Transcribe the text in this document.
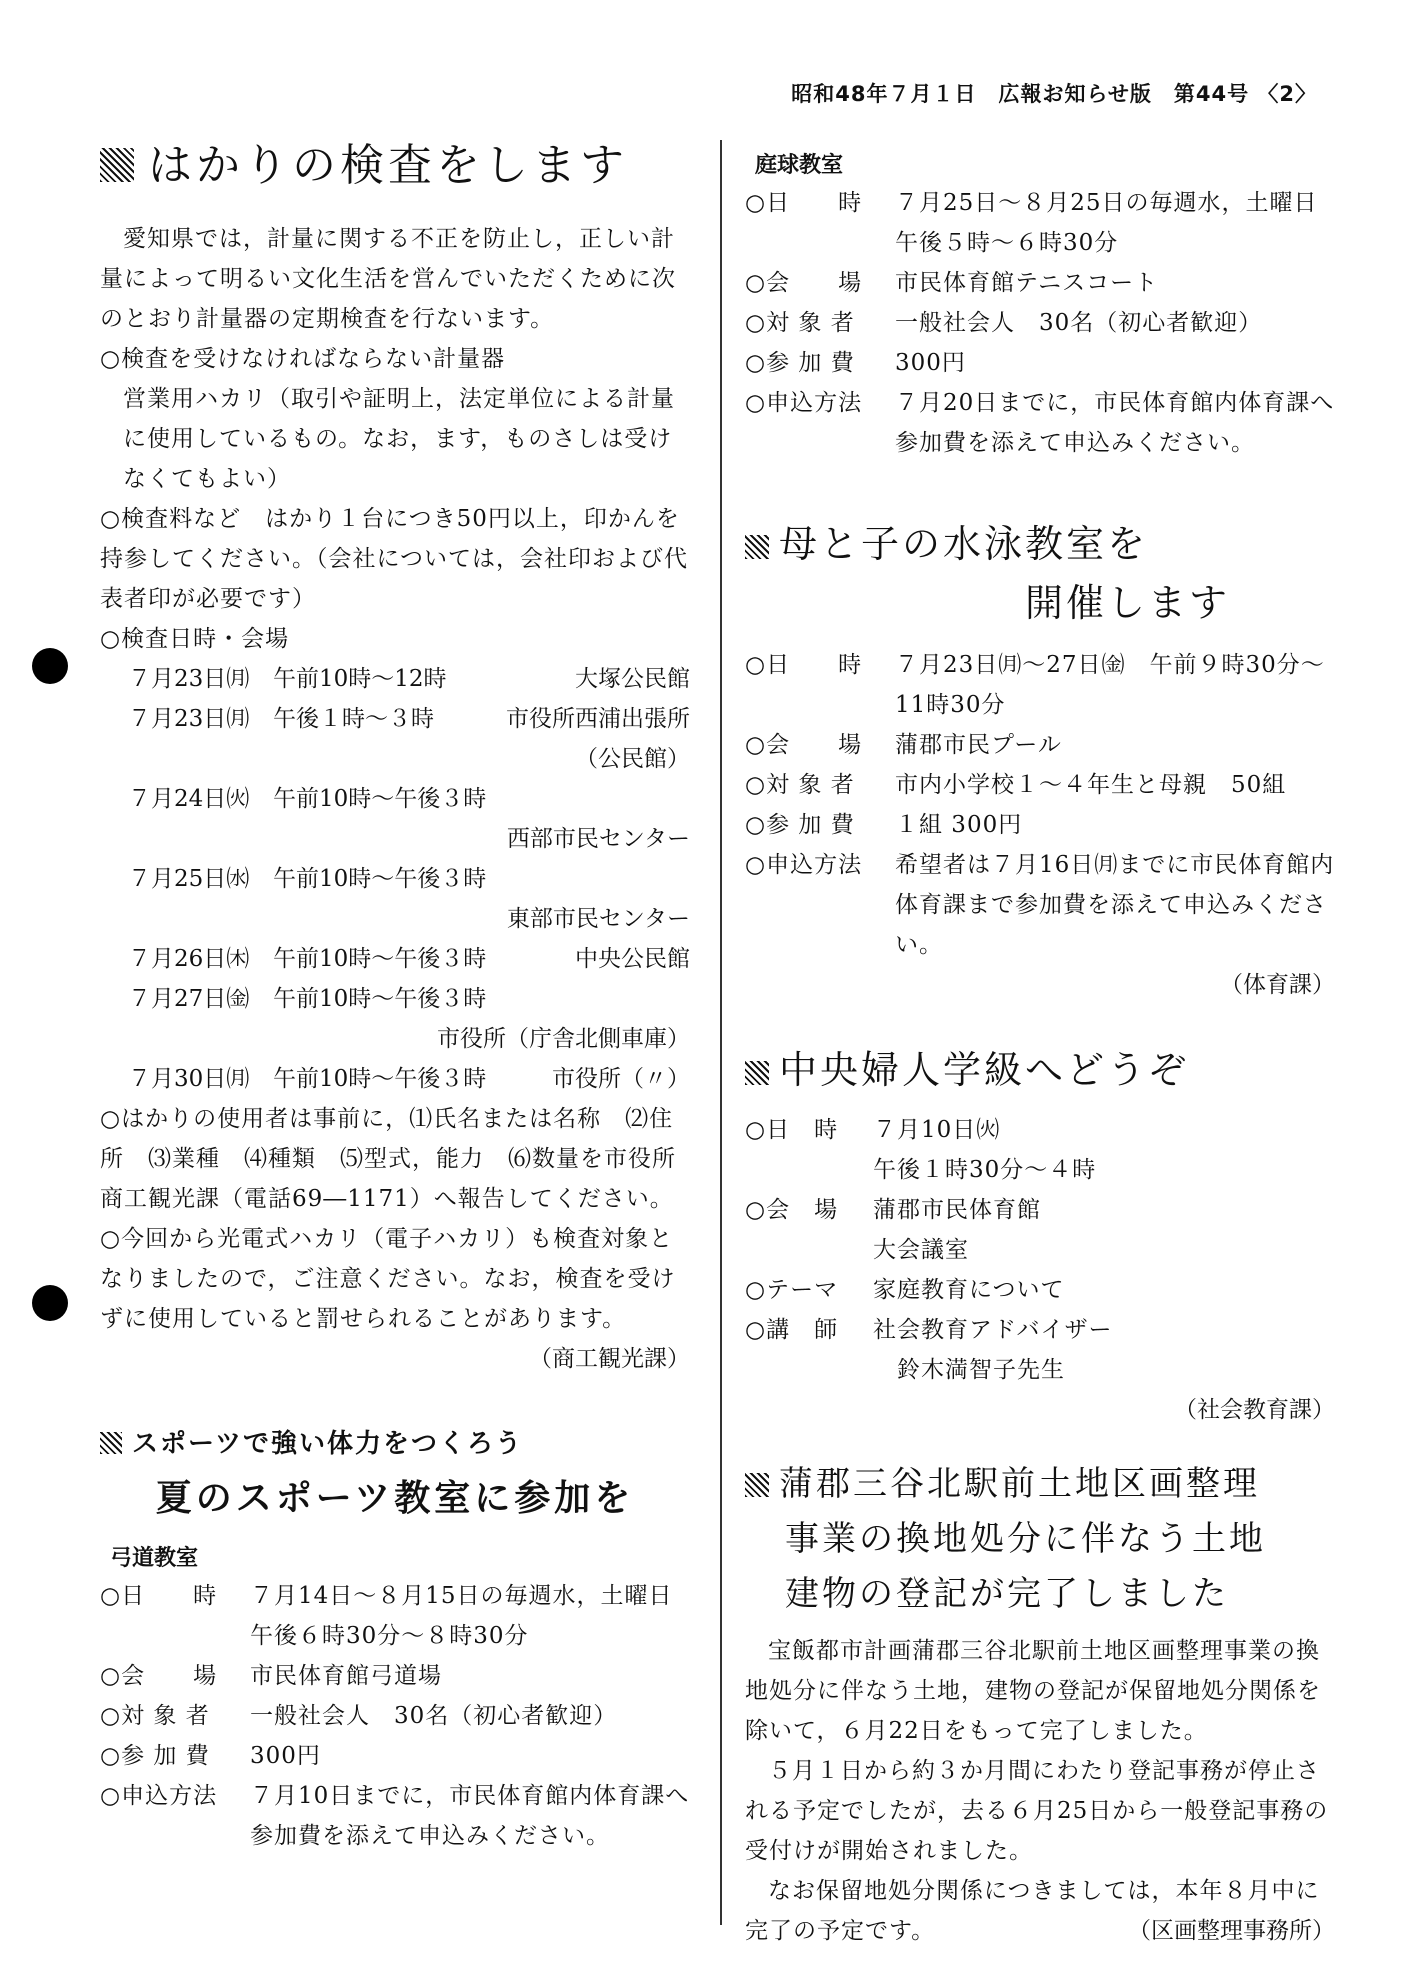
昭和48年７月１日　広報お知らせ版　第44号 〈2〉
はかりの検査をします

愛知県では，計量に関する不正を防止し，正しい計量によって明るい文化生活を営んでいただくために次のとおり計量器の定期検査を行ないます。

○検査を受けなければならない計量器

営業用ハカリ（取引や証明上，法定単位による計量に使用しているもの。なお，ます，ものさしは受けなくてもよい）

○検査料など　はかり１台につき50円以上，印かんを持参してください。（会社については，会社印および代表者印が必要です）

○検査日時・会場

７月23日㈪	午前10時～12時	大塚公民館
７月23日㈪	午後１時～３時	市役所西浦出張所
（公民館）
７月24日㈫	午前10時～午後３時
西部市民センター
７月25日㈬	午前10時～午後３時
東部市民センター
７月26日㈭	午前10時～午後３時	中央公民館
７月27日㈮	午前10時～午後３時
市役所（庁舎北側車庫）
７月30日㈪	午前10時～午後３時	市役所（〃）

○はかりの使用者は事前に，⑴氏名または名称　⑵住所　⑶業種　⑷種類　⑸型式，能力　⑹数量を市役所商工観光課（電話69―1171）へ報告してください。

○今回から光電式ハカリ（電子ハカリ）も検査対象となりましたので，ご注意ください。なお，検査を受けずに使用していると罰せられることがあります。

（商工観光課）
スポーツで強い体力をつくろう
夏のスポーツ教室に参加を
弓道教室
○日　　時	７月14日～８月15日の毎週水，土曜日午後６時30分～８時30分
○会　　場	市民体育館弓道場
○対 象 者	一般社会人　30名（初心者歓迎）
○参 加 費	300円
○申込方法	７月10日までに，市民体育館内体育課へ参加費を添えて申込みください。
庭球教室
○日　　時	７月25日～８月25日の毎週水，土曜日午後５時～６時30分
○会　　場	市民体育館テニスコート
○対 象 者	一般社会人　30名（初心者歓迎）
○参 加 費	300円
○申込方法	７月20日までに，市民体育館内体育課へ参加費を添えて申込みください。
母と子の水泳教室を
開催します
○日　　時	７月23日㈪～27日㈮　午前９時30分～11時30分
○会　　場	蒲郡市民プール
○対 象 者	市内小学校１～４年生と母親　50組
○参 加 費	１組 300円
○申込方法	希望者は７月16日㈪までに市民体育館内体育課まで参加費を添えて申込みください。
（体育課）
中央婦人学級へどうぞ
○日　時	７月10日㈫
午後１時30分～４時
○会　場	蒲郡市民体育館
大会議室
○テーマ	家庭教育について
○講　師	社会教育アドバイザー
　鈴木満智子先生
（社会教育課）
蒲郡三谷北駅前土地区画整理
事業の換地処分に伴なう土地
建物の登記が完了しました

宝飯都市計画蒲郡三谷北駅前土地区画整理事業の換地処分に伴なう土地，建物の登記が保留地処分関係を除いて，６月22日をもって完了しました。

５月１日から約３か月間にわたり登記事務が停止される予定でしたが，去る６月25日から一般登記事務の受付けが開始されました。

なお保留地処分関係につきましては，本年８月中に完了の予定です。	（区画整理事務所）
